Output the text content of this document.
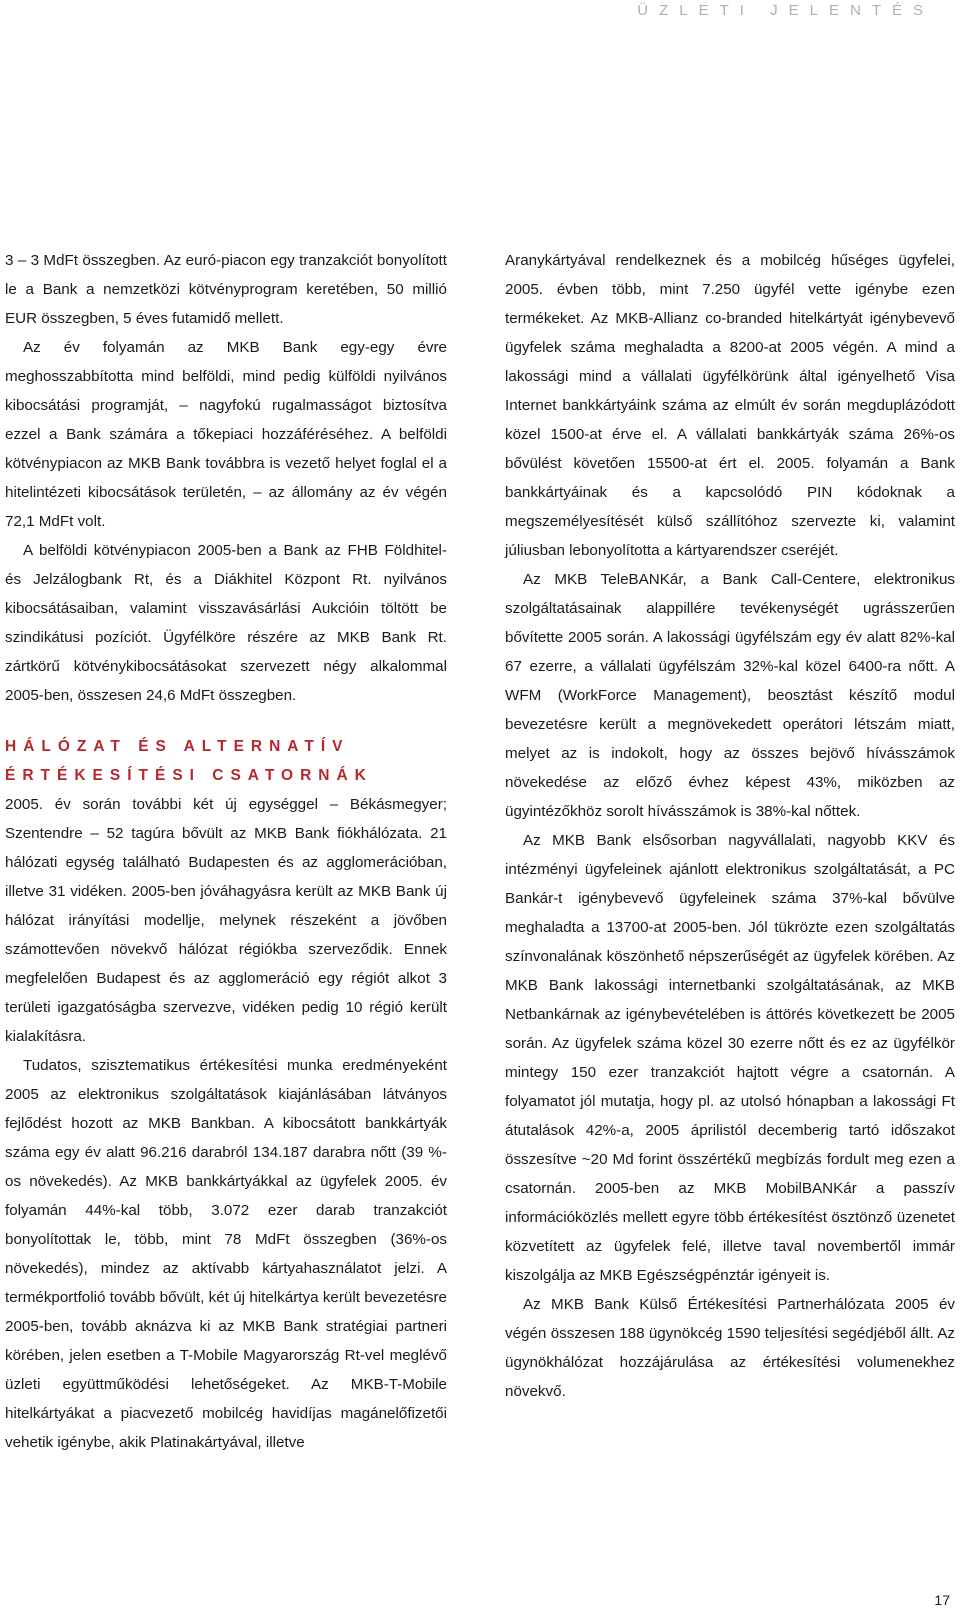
ÜZLETI JELENTÉS

3 – 3 MdFt összegben. Az euró-piacon egy tranzakciót bonyolított le a Bank a nemzetközi kötvényprogram keretében, 50 millió EUR összegben, 5 éves futamidő mellett.

Az év folyamán az MKB Bank egy-egy évre meghosszabbította mind belföldi, mind pedig külföldi nyilvános kibocsátási programját, – nagyfokú rugalmasságot biztosítva ezzel a Bank számára a tőkepiaci hozzáféréséhez. A belföldi kötvénypiacon az MKB Bank továbbra is vezető helyet foglal el a hitelintézeti kibocsátások területén, – az állomány az év végén 72,1 MdFt volt.

A belföldi kötvénypiacon 2005-ben a Bank az FHB Földhitel- és Jelzálogbank Rt, és a Diákhitel Központ Rt. nyilvános kibocsátásaiban, valamint visszavásárlási Aukcióin töltött be szindikátusi pozíciót. Ügyfélköre részére az MKB Bank Rt. zártkörű kötvénykibocsátásokat szervezett négy alkalommal 2005-ben, összesen 24,6 MdFt összegben.

HÁLÓZAT ÉS ALTERNATÍV
ÉRTÉKESÍTÉSI CSATORNÁK

2005. év során további két új egységgel – Békásmegyer; Szentendre – 52 tagúra bővült az MKB Bank fiókhálózata. 21 hálózati egység található Budapesten és az agglomerációban, illetve 31 vidéken. 2005-ben jóváhagyásra került az MKB Bank új hálózat irányítási modellje, melynek részeként a jövőben számottevően növekvő hálózat régiókba szerveződik. Ennek megfelelően Budapest és az agglomeráció egy régiót alkot 3 területi igazgatóságba szervezve, vidéken pedig 10 régió került kialakításra.

Tudatos, szisztematikus értékesítési munka eredményeként 2005 az elektronikus szolgáltatások kiajánlásában látványos fejlődést hozott az MKB Bankban. A kibocsátott bankkártyák száma egy év alatt 96.216 darabról 134.187 darabra nőtt (39 %-os növekedés). Az MKB bankkártyákkal az ügyfelek 2005. év folyamán 44%-kal több, 3.072 ezer darab tranzakciót bonyolítottak le, több, mint 78 MdFt összegben (36%-os növekedés), mindez az aktívabb kártyahasználatot jelzi. A termékportfolió tovább bővült, két új hitelkártya került bevezetésre 2005-ben, tovább aknázva ki az MKB Bank stratégiai partneri körében, jelen esetben a T-Mobile Magyarország Rt-vel meglévő üzleti együttműködési lehetőségeket. Az MKB-T-Mobile hitelkártyákat a piacvezető mobilcég havidíjas magánelőfizetői vehetik igénybe, akik Platinakártyával, illetve

Aranykártyával rendelkeznek és a mobilcég hűséges ügyfelei, 2005. évben több, mint 7.250 ügyfél vette igénybe ezen termékeket. Az MKB-Allianz co-branded hitelkártyát igénybevevő ügyfelek száma meghaladta a 8200-at 2005 végén. A mind a lakossági mind a vállalati ügyfélkörünk által igényelhető Visa Internet bankkártyáink száma az elmúlt év során megduplázódott közel 1500-at érve el. A vállalati bankkártyák száma 26%-os bővülést követően 15500-at ért el. 2005. folyamán a Bank bankkártyáinak és a kapcsolódó PIN kódoknak a megszemélyesítését külső szállítóhoz szervezte ki, valamint júliusban lebonyolította a kártyarendszer cseréjét.

Az MKB TeleBANKár, a Bank Call-Centere, elektronikus szolgáltatásainak alappillére tevékenységét ugrásszerűen bővítette 2005 során. A lakossági ügyfélszám egy év alatt 82%-kal 67 ezerre, a vállalati ügyfélszám 32%-kal közel 6400-ra nőtt. A WFM (WorkForce Management), beosztást készítő modul bevezetésre került a megnövekedett operátori létszám miatt, melyet az is indokolt, hogy az összes bejövő hívásszámok növekedése az előző évhez képest 43%, miközben az ügyintézőkhöz sorolt hívásszámok is 38%-kal nőttek.

Az MKB Bank elsősorban nagyvállalati, nagyobb KKV és intézményi ügyfeleinek ajánlott elektronikus szolgáltatását, a PC Bankár-t igénybevevő ügyfeleinek száma 37%-kal bővülve meghaladta a 13700-at 2005-ben. Jól tükrözte ezen szolgáltatás színvonalának köszönhető népszerűségét az ügyfelek körében. Az MKB Bank lakossági internetbanki szolgáltatásának, az MKB Netbankárnak az igénybevételében is áttörés következett be 2005 során. Az ügyfelek száma közel 30 ezerre nőtt és ez az ügyfélkör mintegy 150 ezer tranzakciót hajtott végre a csatornán. A folyamatot jól mutatja, hogy pl. az utolsó hónapban a lakossági Ft átutalások 42%-a, 2005 áprilistól decemberig tartó időszakot összesítve ~20 Md forint összértékű megbízás fordult meg ezen a csatornán. 2005-ben az MKB MobilBANKár a passzív információközlés mellett egyre több értékesítést ösztönző üzenetet közvetített az ügyfelek felé, illetve taval novembertől immár kiszolgálja az MKB Egészségpénztár igényeit is.

Az MKB Bank Külső Értékesítési Partnerhálózata 2005 év végén összesen 188 ügynökcég 1590 teljesítési segédjéből állt. Az ügynökhálózat hozzájárulása az értékesítési volumenekhez növekvő.

17
